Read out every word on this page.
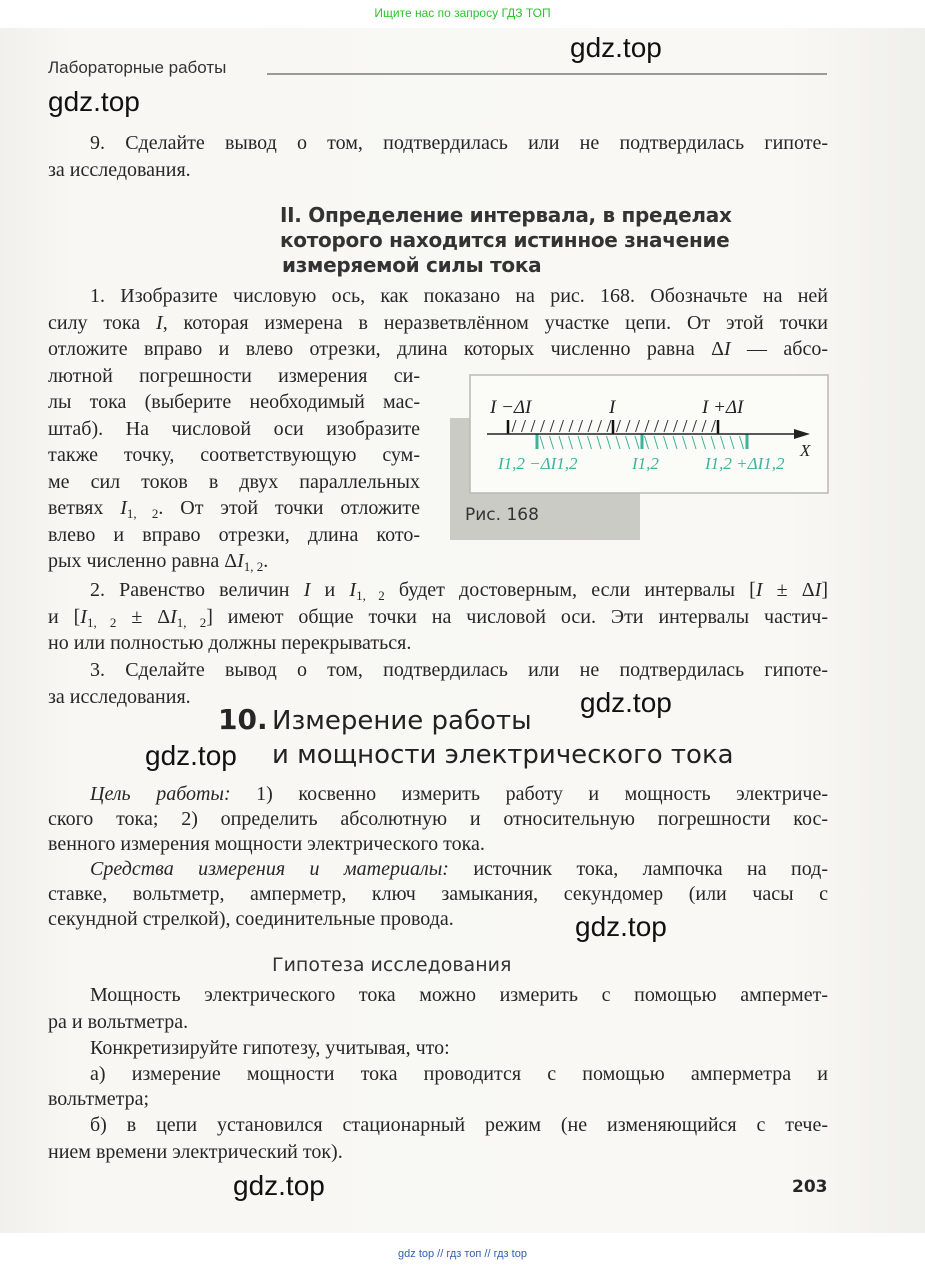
Ищите нас по запросу ГДЗ ТОП
Лабораторные работы
9. Сделайте вывод о том, подтвердилась или не подтвердилась гипоте-
за исследования.
II. Определение интервала, в пределах
которого находится истинное значение
измеряемой силы тока
1. Изобразите числовую ось, как показано на рис. 168. Обозначьте на ней
силу тока I, которая измерена в неразветвлённом участке цепи. От этой точки
отложите вправо и влево отрезки, длина которых численно равна ΔI — абсо-
лютной погрешности измерения си-
лы тока (выберите необходимый мас-
штаб). На числовой оси изобразите
также точку, соответствующую сум-
ме сил токов в двух параллельных
ветвях $I_{1, 2}$. От этой точки отложите
влево и вправо отрезки, длина кото-
рых численно равна $\Delta I_{1, 2}$.
2. Равенство величин I и $I_{1, 2}$ будет достоверным, если интервалы [I ± ΔI]
и $[I_{1, 2} \pm \Delta I_{1, 2}]$ имеют общие точки на числовой оси. Эти интервалы частич-
но или полностью должны перекрываться.
3. Сделайте вывод о том, подтвердилась или не подтвердилась гипоте-
за исследования.
I −ΔI	I	I +ΔI
X
I1,2 −ΔI1,2	I1,2	I1,2 +ΔI1,2
Рис. 168
10. Измерение работы
и мощности электрического тока
Цель работы: 1) косвенно измерить работу и мощность электриче-
ского тока; 2) определить абсолютную и относительную погрешности кос-
венного измерения мощности электрического тока.
Средства измерения и материалы: источник тока, лампочка на под-
ставке, вольтметр, амперметр, ключ замыкания, секундомер (или часы с
секундной стрелкой), соединительные провода.
Гипотеза исследования
Мощность электрического тока можно измерить с помощью ампермет-
ра и вольтметра.
Конкретизируйте гипотезу, учитывая, что:
а) измерение мощности тока проводится с помощью амперметра и
вольтметра;
б) в цепи установился стационарный режим (не изменяющийся с тече-
нием времени электрический ток).
gdz.top
gdz.top
gdz.top
gdz.top
gdz.top
gdz.top	203
gdz top // гдз топ // гдз top
